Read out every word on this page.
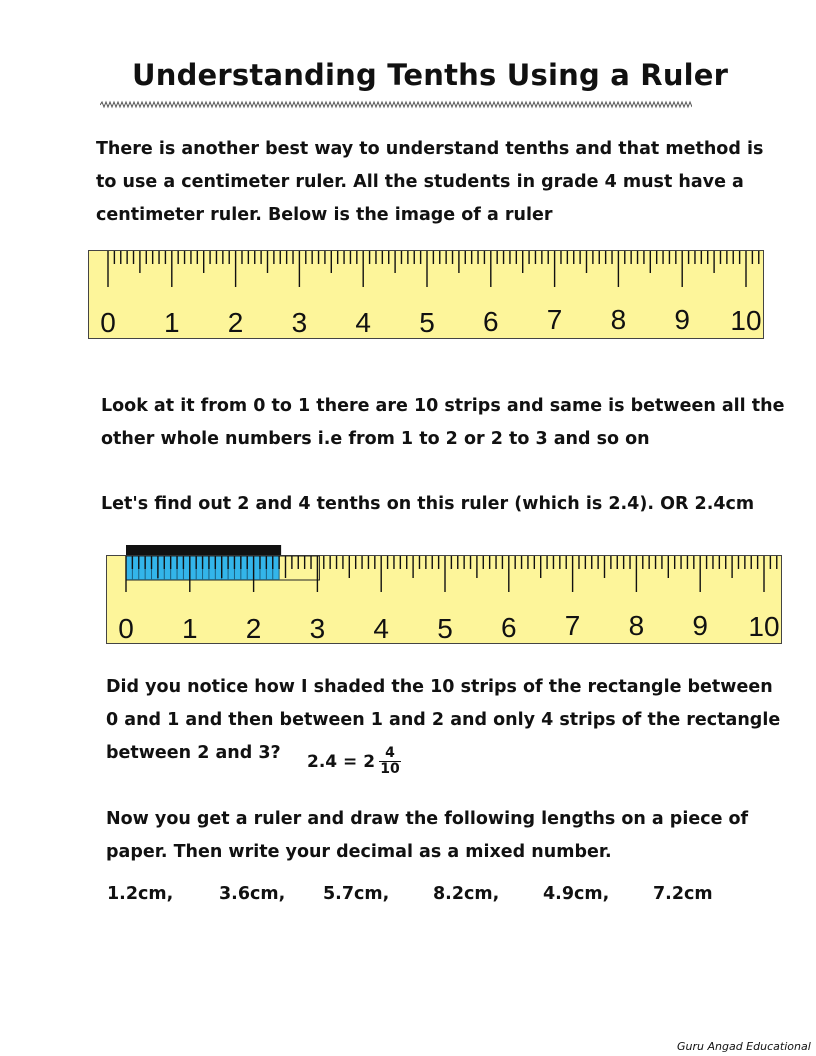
Understanding Tenths Using a Ruler
There is another best way to understand tenths and that method is
to use a centimeter ruler. All the students in grade 4 must have a
centimeter ruler. Below is the image of a ruler
0 1 2 3 4 5 6 7 8 9 10
Look at it from 0 to 1 there are 10 strips and same is between all the
other whole numbers i.e from 1 to 2 or 2 to 3 and so on
Let's find out 2 and 4 tenths on this ruler (which is 2.4). OR 2.4cm
0 1 2 3 4 5 6 7 8 9 10
Did you notice how I shaded the 10 strips of the rectangle between
0 and 1 and then between 1 and 2 and only 4 strips of the rectangle
between 2 and 3?	$2.4 = 2 \frac{4}{10}$
Now you get a ruler and draw the following lengths on a piece of
paper. Then write your decimal as a mixed number.
1.2cm,	3.6cm, 5.7cm, 8.2cm, 4.9cm, 7.2cm
Guru Angad Educational
